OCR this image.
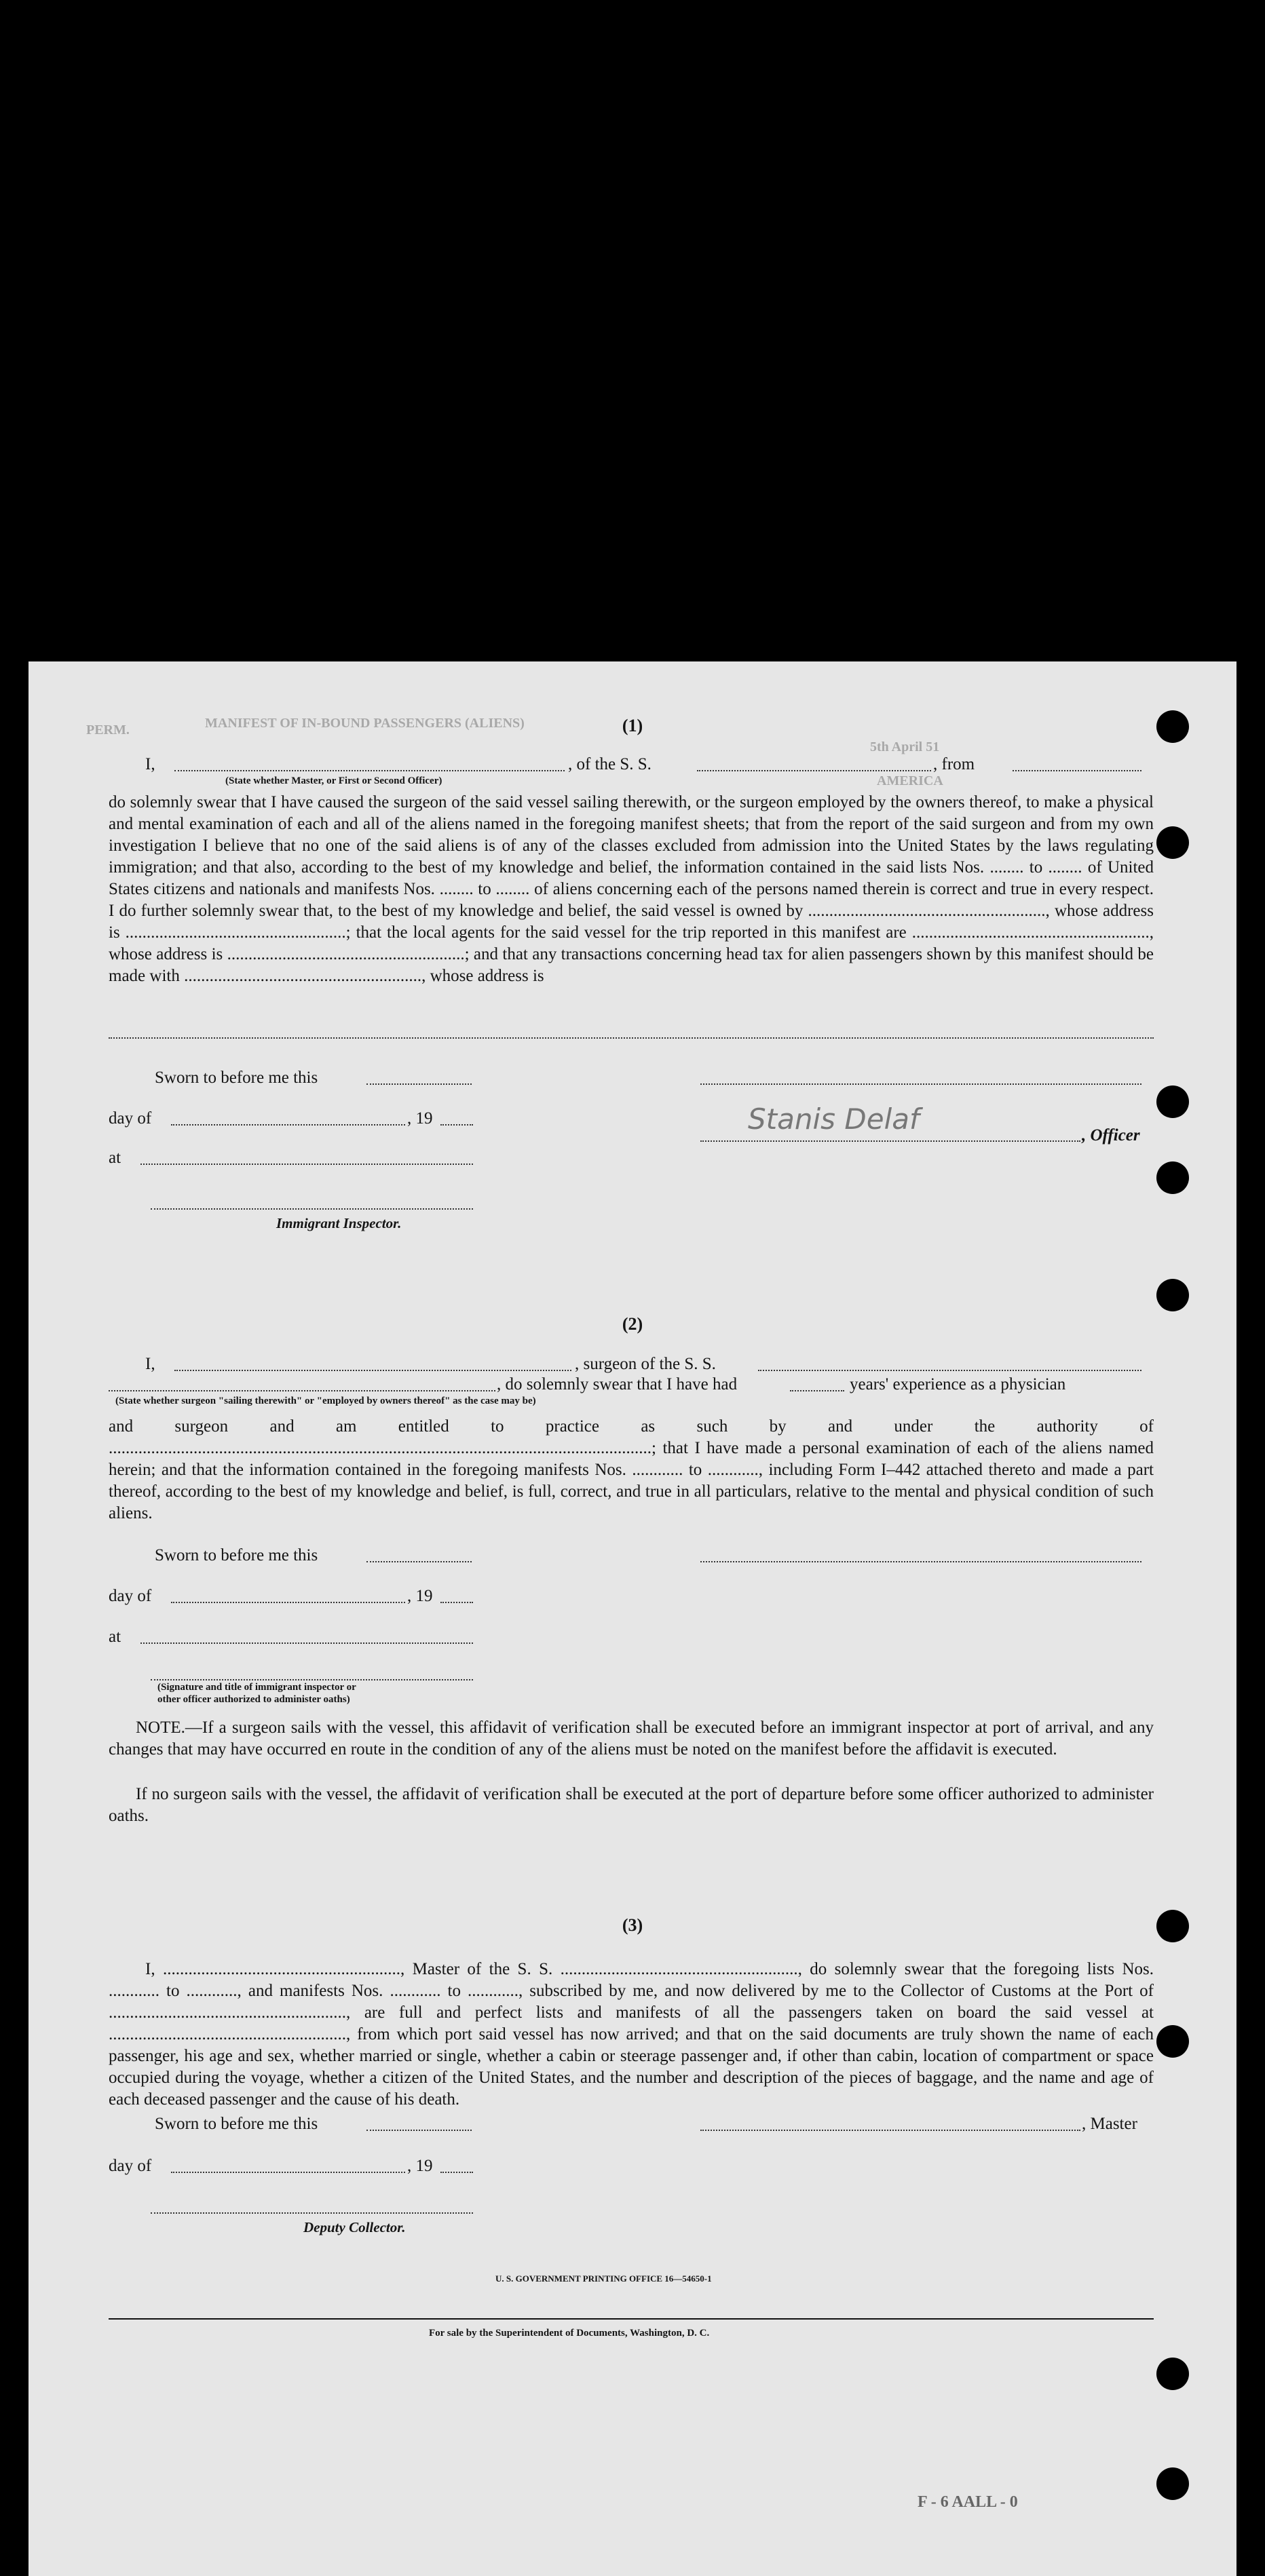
MANIFEST OF IN-BOUND PASSENGERS (ALIENS)
PERM.
5th April 51
AMERICA
F - 6 AALL - 0
(1)
I,	, of the S. S.	, from
(State whether Master, or First or Second Officer)
do solemnly swear that I have caused the surgeon of the said vessel sailing therewith, or the surgeon employed by the owners thereof, to make a physical and mental examination of each and all of the aliens named in the foregoing manifest sheets; that from the report of the said surgeon and from my own investigation I believe that no one of the said aliens is of any of the classes excluded from admission into the United States by the laws regulating immigration; and that also, according to the best of my knowledge and belief, the information contained in the said lists Nos. ........ to ........ of United States citizens and nationals and manifests Nos. ........ to ........ of aliens concerning each of the persons named therein is correct and true in every respect. I do further solemnly swear that, to the best of my knowledge and belief, the said vessel is owned by ........................................................, whose address is ....................................................; that the local agents for the said vessel for the trip reported in this manifest are ........................................................, whose address is ........................................................; and that any transactions concerning head tax for alien passengers shown by this manifest should be made with ........................................................, whose address is
Sworn to before me this
day of	, 19	Stanis Delaf	, Officer
at
Immigrant Inspector.
(2)
I,	, surgeon of the S. S.
, do solemnly swear that I have had	years' experience as a physician
(State whether surgeon "sailing therewith" or "employed by owners thereof" as the case may be)
and surgeon and am entitled to practice as such by and under the authority of ................................................................................................................................; that I have made a personal examination of each of the aliens named herein; and that the information contained in the foregoing manifests Nos. ............ to ............, including Form I–442 attached thereto and made a part thereof, according to the best of my knowledge and belief, is full, correct, and true in all particulars, relative to the mental and physical condition of such aliens.
Sworn to before me this
day of	, 19
at
(Signature and title of immigrant inspector or
other officer authorized to administer oaths)
NOTE.—If a surgeon sails with the vessel, this affidavit of verification shall be executed before an immigrant inspector at port of arrival, and any changes that may have occurred en route in the condition of any of the aliens must be noted on the manifest before the affidavit is executed.
If no surgeon sails with the vessel, the affidavit of verification shall be executed at the port of departure before some officer authorized to administer oaths.
(3)
I, ........................................................, Master of the S. S. ........................................................, do solemnly swear that the foregoing lists Nos. ............ to ............, and manifests Nos. ............ to ............, subscribed by me, and now delivered by me to the Collector of Customs at the Port of ........................................................, are full and perfect lists and manifests of all the passengers taken on board the said vessel at ........................................................, from which port said vessel has now arrived; and that on the said documents are truly shown the name of each passenger, his age and sex, whether married or single, whether a cabin or steerage passenger and, if other than cabin, location of compartment or space occupied during the voyage, whether a citizen of the United States, and the number and description of the pieces of baggage, and the name and age of each deceased passenger and the cause of his death.
Sworn to before me this	, Master
day of	, 19
Deputy Collector.
U. S. GOVERNMENT PRINTING OFFICE 16—54650-1
For sale by the Superintendent of Documents, Washington, D. C.
